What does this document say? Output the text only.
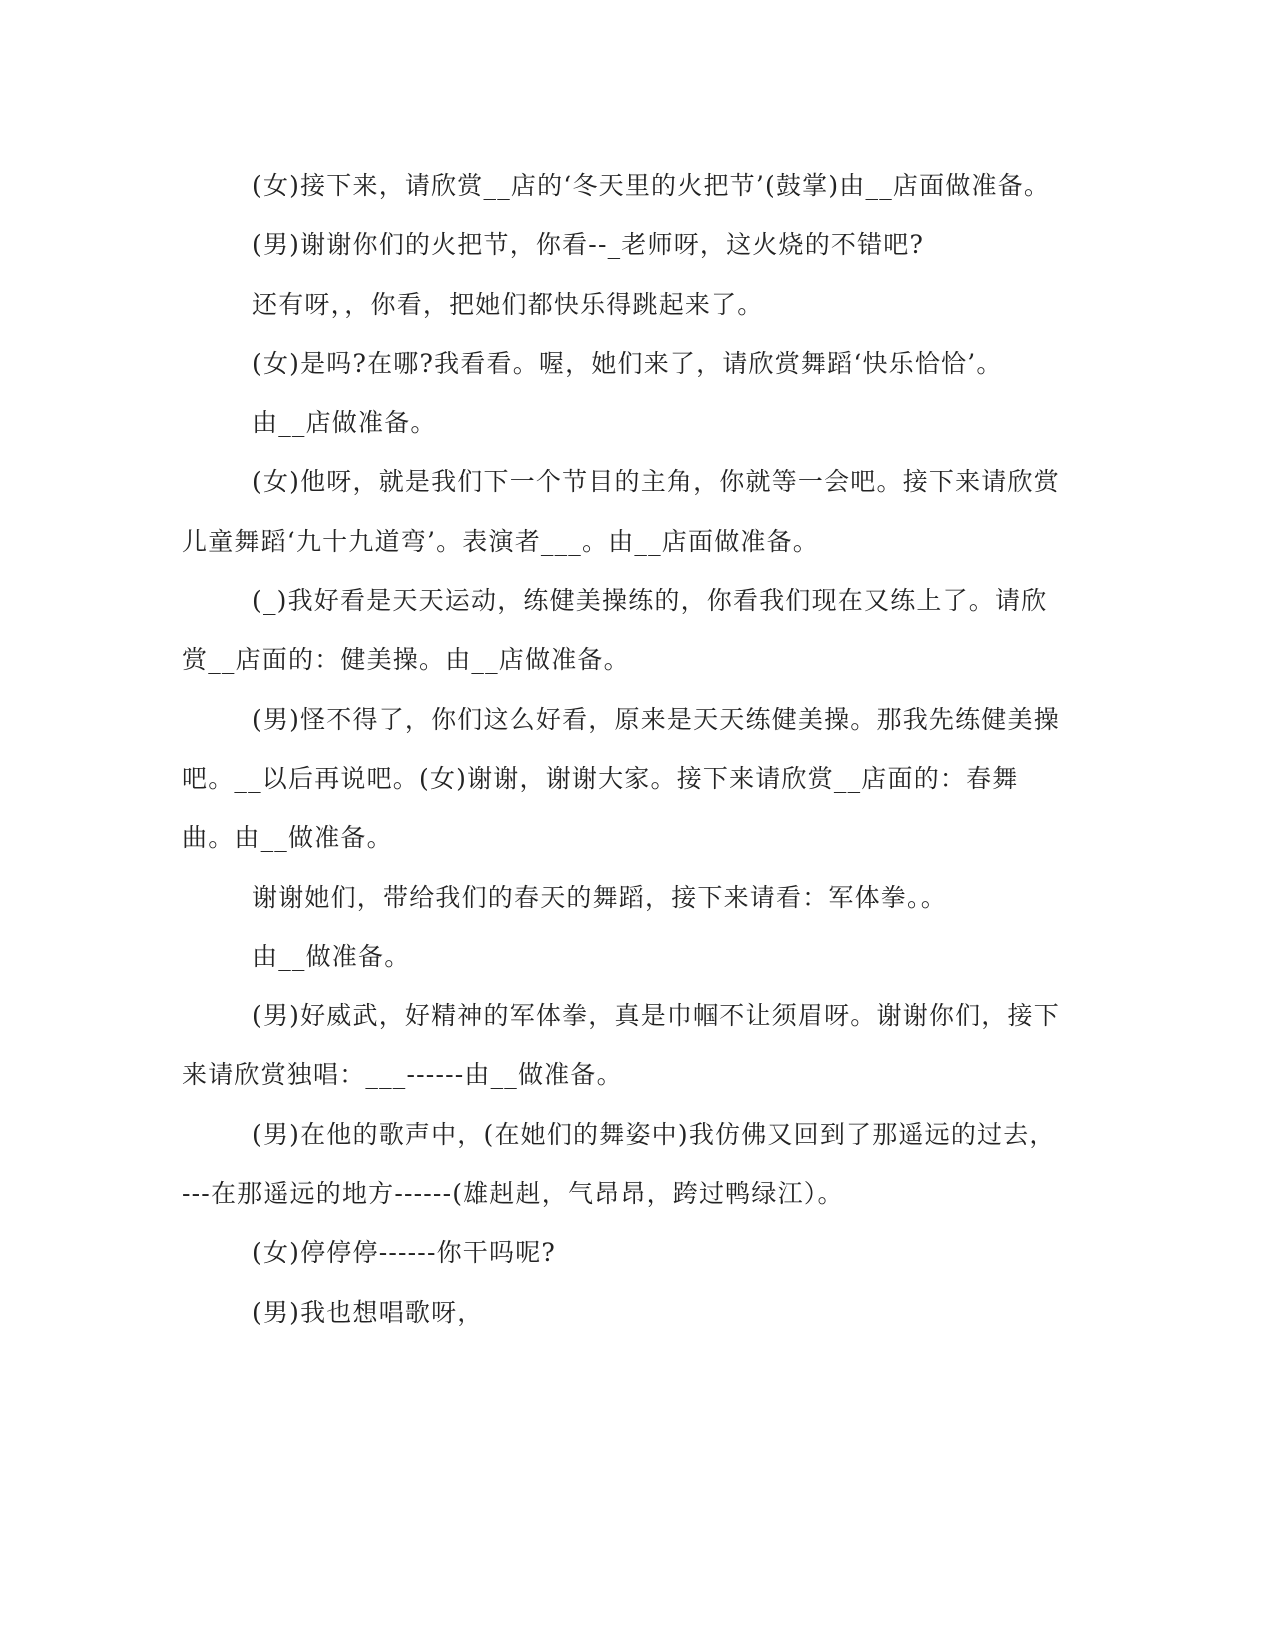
(女)接下来，请欣赏__店的‘冬天里的火把节’(鼓掌)由__店面做准备。

(男)谢谢你们的火把节，你看--_老师呀，这火烧的不错吧?

还有呀，，你看，把她们都快乐得跳起来了。

(女)是吗?在哪?我看看。喔，她们来了，请欣赏舞蹈‘快乐恰恰’。

由__店做准备。

(女)他呀，就是我们下一个节目的主角，你就等一会吧。接下来请欣赏儿童舞蹈‘九十九道弯’。表演者___。由__店面做准备。

(_)我好看是天天运动，练健美操练的，你看我们现在又练上了。请欣赏__店面的：健美操。由__店做准备。

(男)怪不得了，你们这么好看，原来是天天练健美操。那我先练健美操吧。__以后再说吧。(女)谢谢，谢谢大家。接下来请欣赏__店面的：春舞曲。由__做准备。

谢谢她们，带给我们的春天的舞蹈，接下来请看：军体拳。。

由__做准备。

(男)好威武，好精神的军体拳，真是巾帼不让须眉呀。谢谢你们，接下来请欣赏独唱：___------由__做准备。

(男)在他的歌声中，(在她们的舞姿中)我仿佛又回到了那遥远的过去，---在那遥远的地方------(雄赳赳，气昂昂，跨过鸭绿江）。

(女)停停停------你干吗呢?

(男)我也想唱歌呀，
